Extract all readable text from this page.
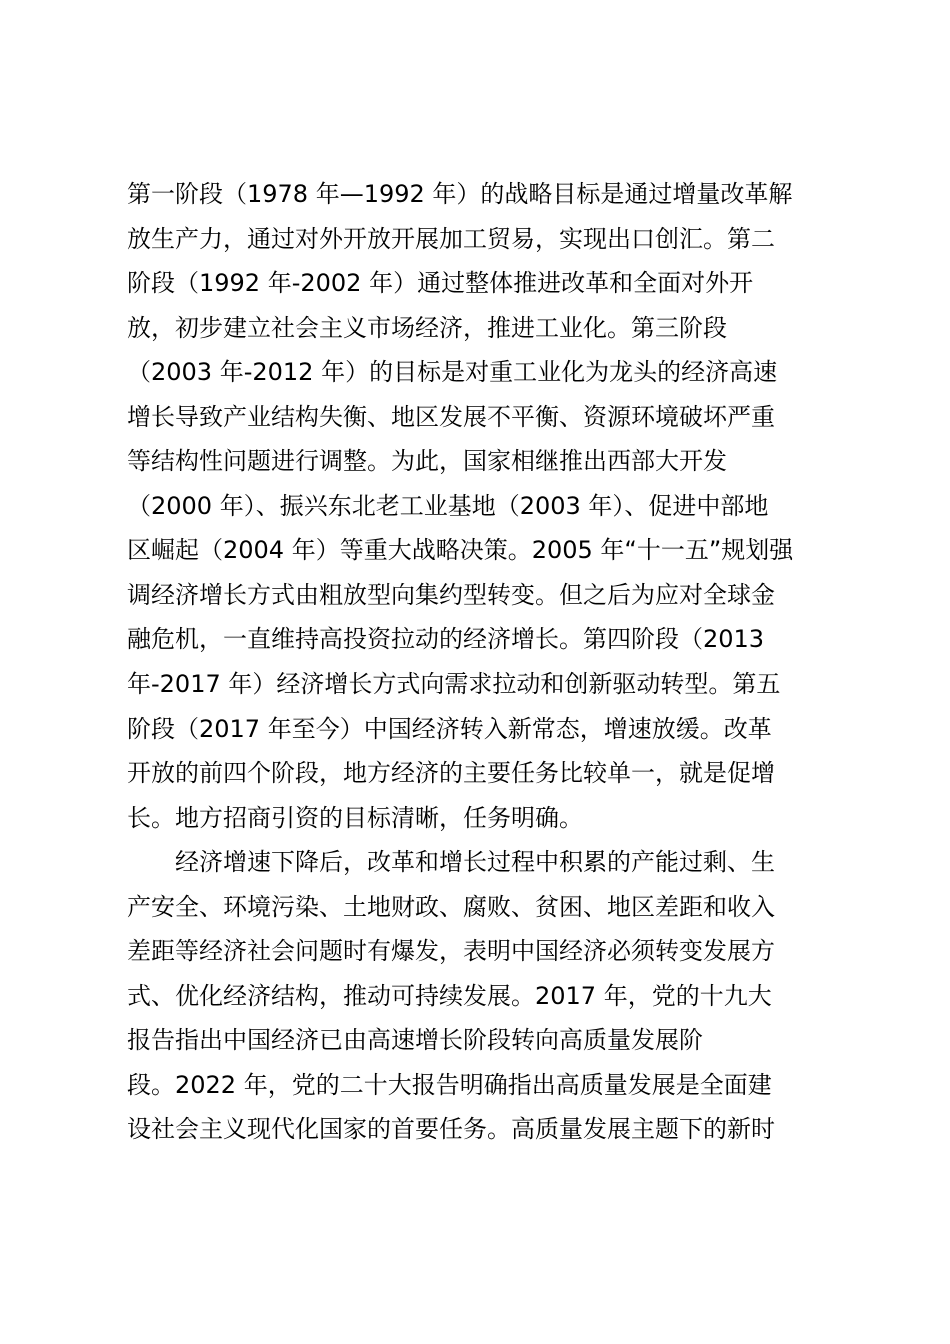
第一阶段（1978 年—1992 年）的战略目标是通过增量改革解
放生产力，通过对外开放开展加工贸易，实现出口创汇。第二
阶段（1992 年-2002 年）通过整体推进改革和全面对外开
放，初步建立社会主义市场经济，推进工业化。第三阶段
（2003 年-2012 年）的目标是对重工业化为龙头的经济高速
增长导致产业结构失衡、地区发展不平衡、资源环境破坏严重
等结构性问题进行调整。为此，国家相继推出西部大开发
（2000 年）、振兴东北老工业基地（2003 年）、促进中部地
区崛起（2004 年）等重大战略决策。2005 年“十一五”规划强
调经济增长方式由粗放型向集约型转变。但之后为应对全球金
融危机，一直维持高投资拉动的经济增长。第四阶段（2013
年-2017 年）经济增长方式向需求拉动和创新驱动转型。第五
阶段（2017 年至今）中国经济转入新常态，增速放缓。改革
开放的前四个阶段，地方经济的主要任务比较单一，就是促增
长。地方招商引资的目标清晰，任务明确。
　　经济增速下降后，改革和增长过程中积累的产能过剩、生
产安全、环境污染、土地财政、腐败、贫困、地区差距和收入
差距等经济社会问题时有爆发，表明中国经济必须转变发展方
式、优化经济结构，推动可持续发展。2017 年，党的十九大
报告指出中国经济已由高速增长阶段转向高质量发展阶
段。2022 年，党的二十大报告明确指出高质量发展是全面建
设社会主义现代化国家的首要任务。高质量发展主题下的新时
